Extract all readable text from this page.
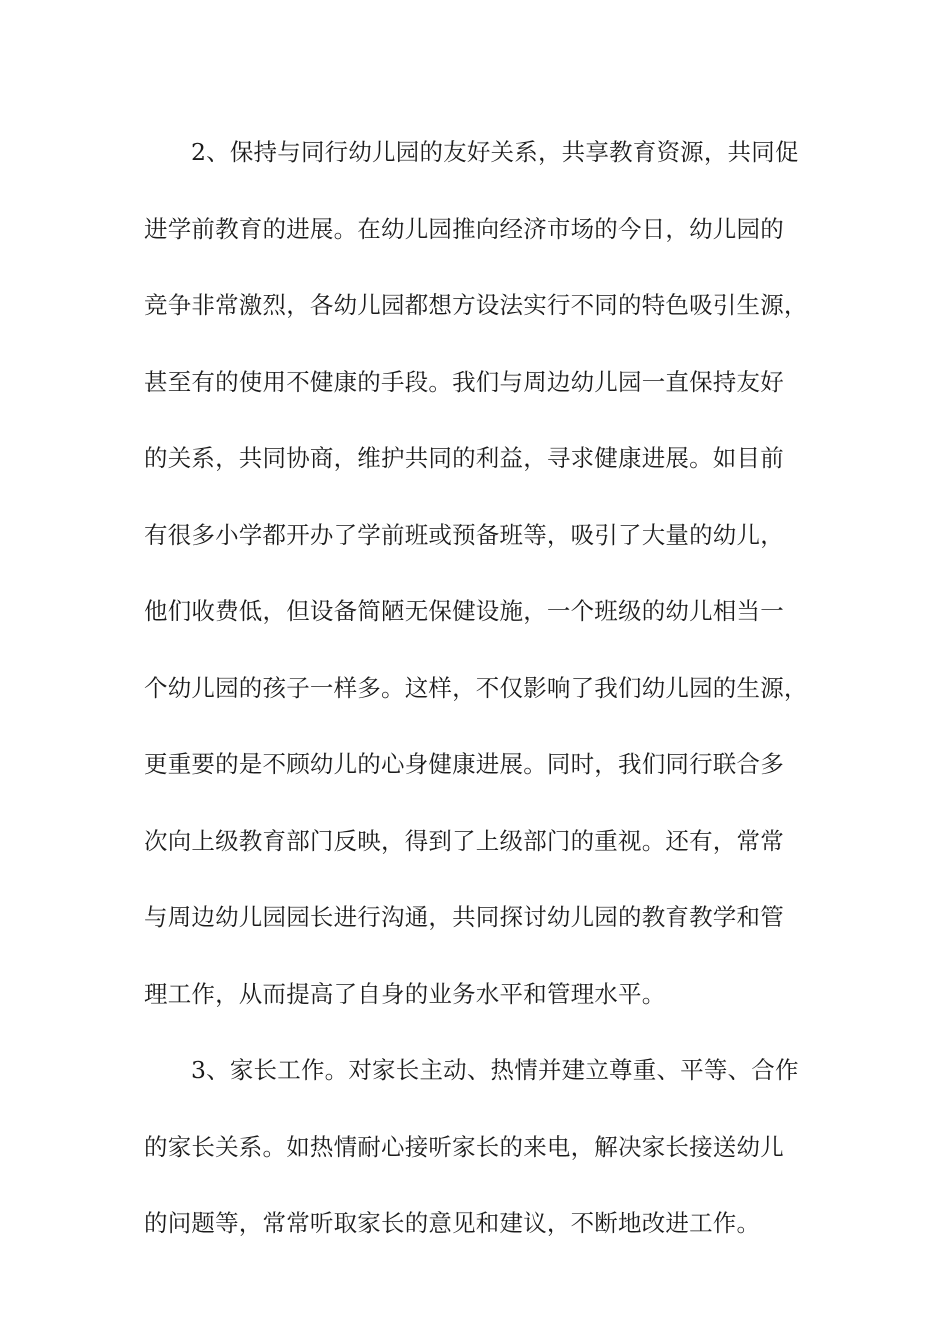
2、保持与同行幼儿园的友好关系，共享教育资源，共同促
进学前教育的进展。在幼儿园推向经济市场的今日，幼儿园的
竞争非常激烈，各幼儿园都想方设法实行不同的特色吸引生源，
甚至有的使用不健康的手段。我们与周边幼儿园一直保持友好
的关系，共同协商，维护共同的利益，寻求健康进展。如目前
有很多小学都开办了学前班或预备班等，吸引了大量的幼儿，
他们收费低，但设备简陋无保健设施，一个班级的幼儿相当一
个幼儿园的孩子一样多。这样，不仅影响了我们幼儿园的生源，
更重要的是不顾幼儿的心身健康进展。同时，我们同行联合多
次向上级教育部门反映，得到了上级部门的重视。还有，常常
与周边幼儿园园长进行沟通，共同探讨幼儿园的教育教学和管
理工作，从而提高了自身的业务水平和管理水平。
3、家长工作。对家长主动、热情并建立尊重、平等、合作
的家长关系。如热情耐心接听家长的来电，解决家长接送幼儿
的问题等，常常听取家长的意见和建议，不断地改进工作。
